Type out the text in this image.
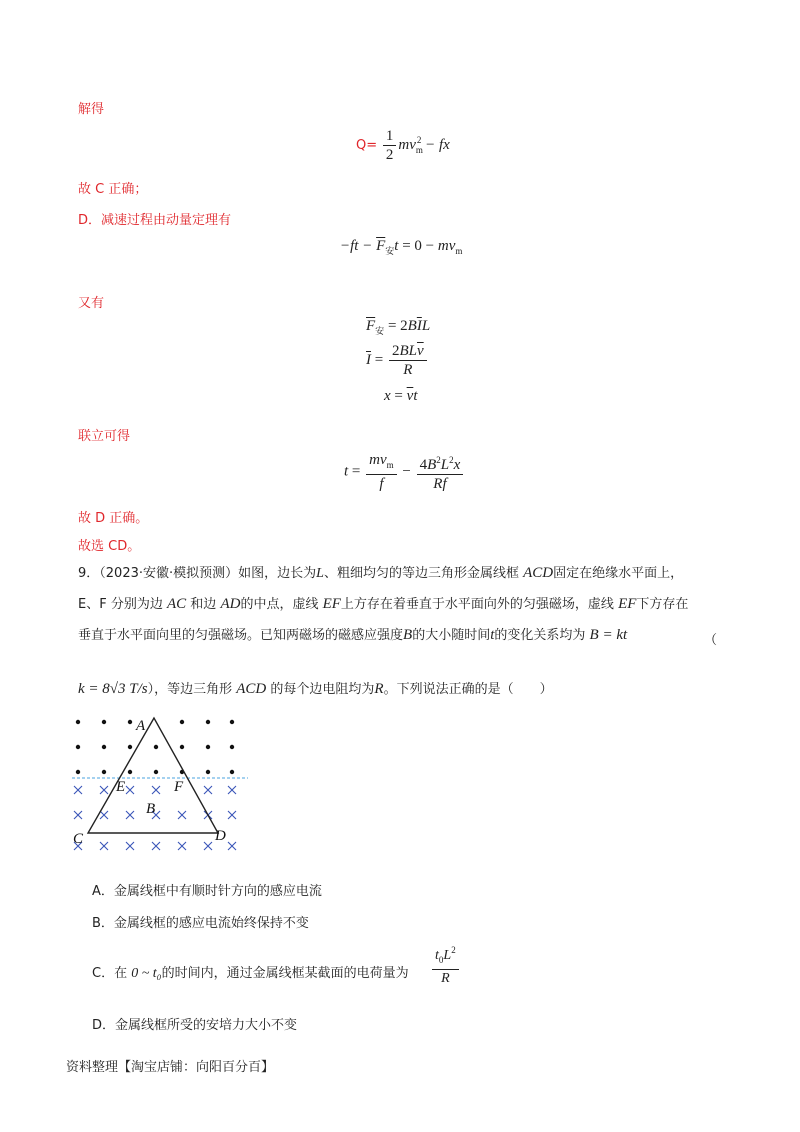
解得
$Q= \frac{1}{2} mv_m^2$ − fx
故 C 正确；
D．减速过程由动量定理有
$-ft - \overline{F}_安t = 0 - mv_m$
又有
$\overline{F}_安 = 2B\overline{I}L$
$\overline{I} = \frac{2BL\overline{v}}{R}$
$x = \overline{v}t$
联立可得
$t = \frac{mv_m}{f} - \frac{4B^2L^2x}{Rf}$
故 D 正确。
故选 CD。
9．（2023·安徽·模拟预测）如图，边长为L、粗细均匀的等边三角形金属线框 ACD固定在绝缘水平面上，
E、F 分别为边 AC 和边 AD的中点，虚线 EF上方存在着垂直于水平面向外的匀强磁场，虚线 EF下方存在
垂直于水平面向里的匀强磁场。已知两磁场的磁感应强度B的大小随时间t的变化关系均为 B = kt	（
k = 8√3 T/s），等边三角形 ACD 的每个边电阻均为R。下列说法正确的是（　　）
A
E	F
B
C	D
A．金属线框中有顺时针方向的感应电流
B．金属线框的感应电流始终保持不变
C．在 0 ~ t₀的时间内，通过金属线框某截面的电荷量为 $\frac{t_0L^2}{R}$
D．金属线框所受的安培力大小不变
资料整理【淘宝店铺：向阳百分百】
